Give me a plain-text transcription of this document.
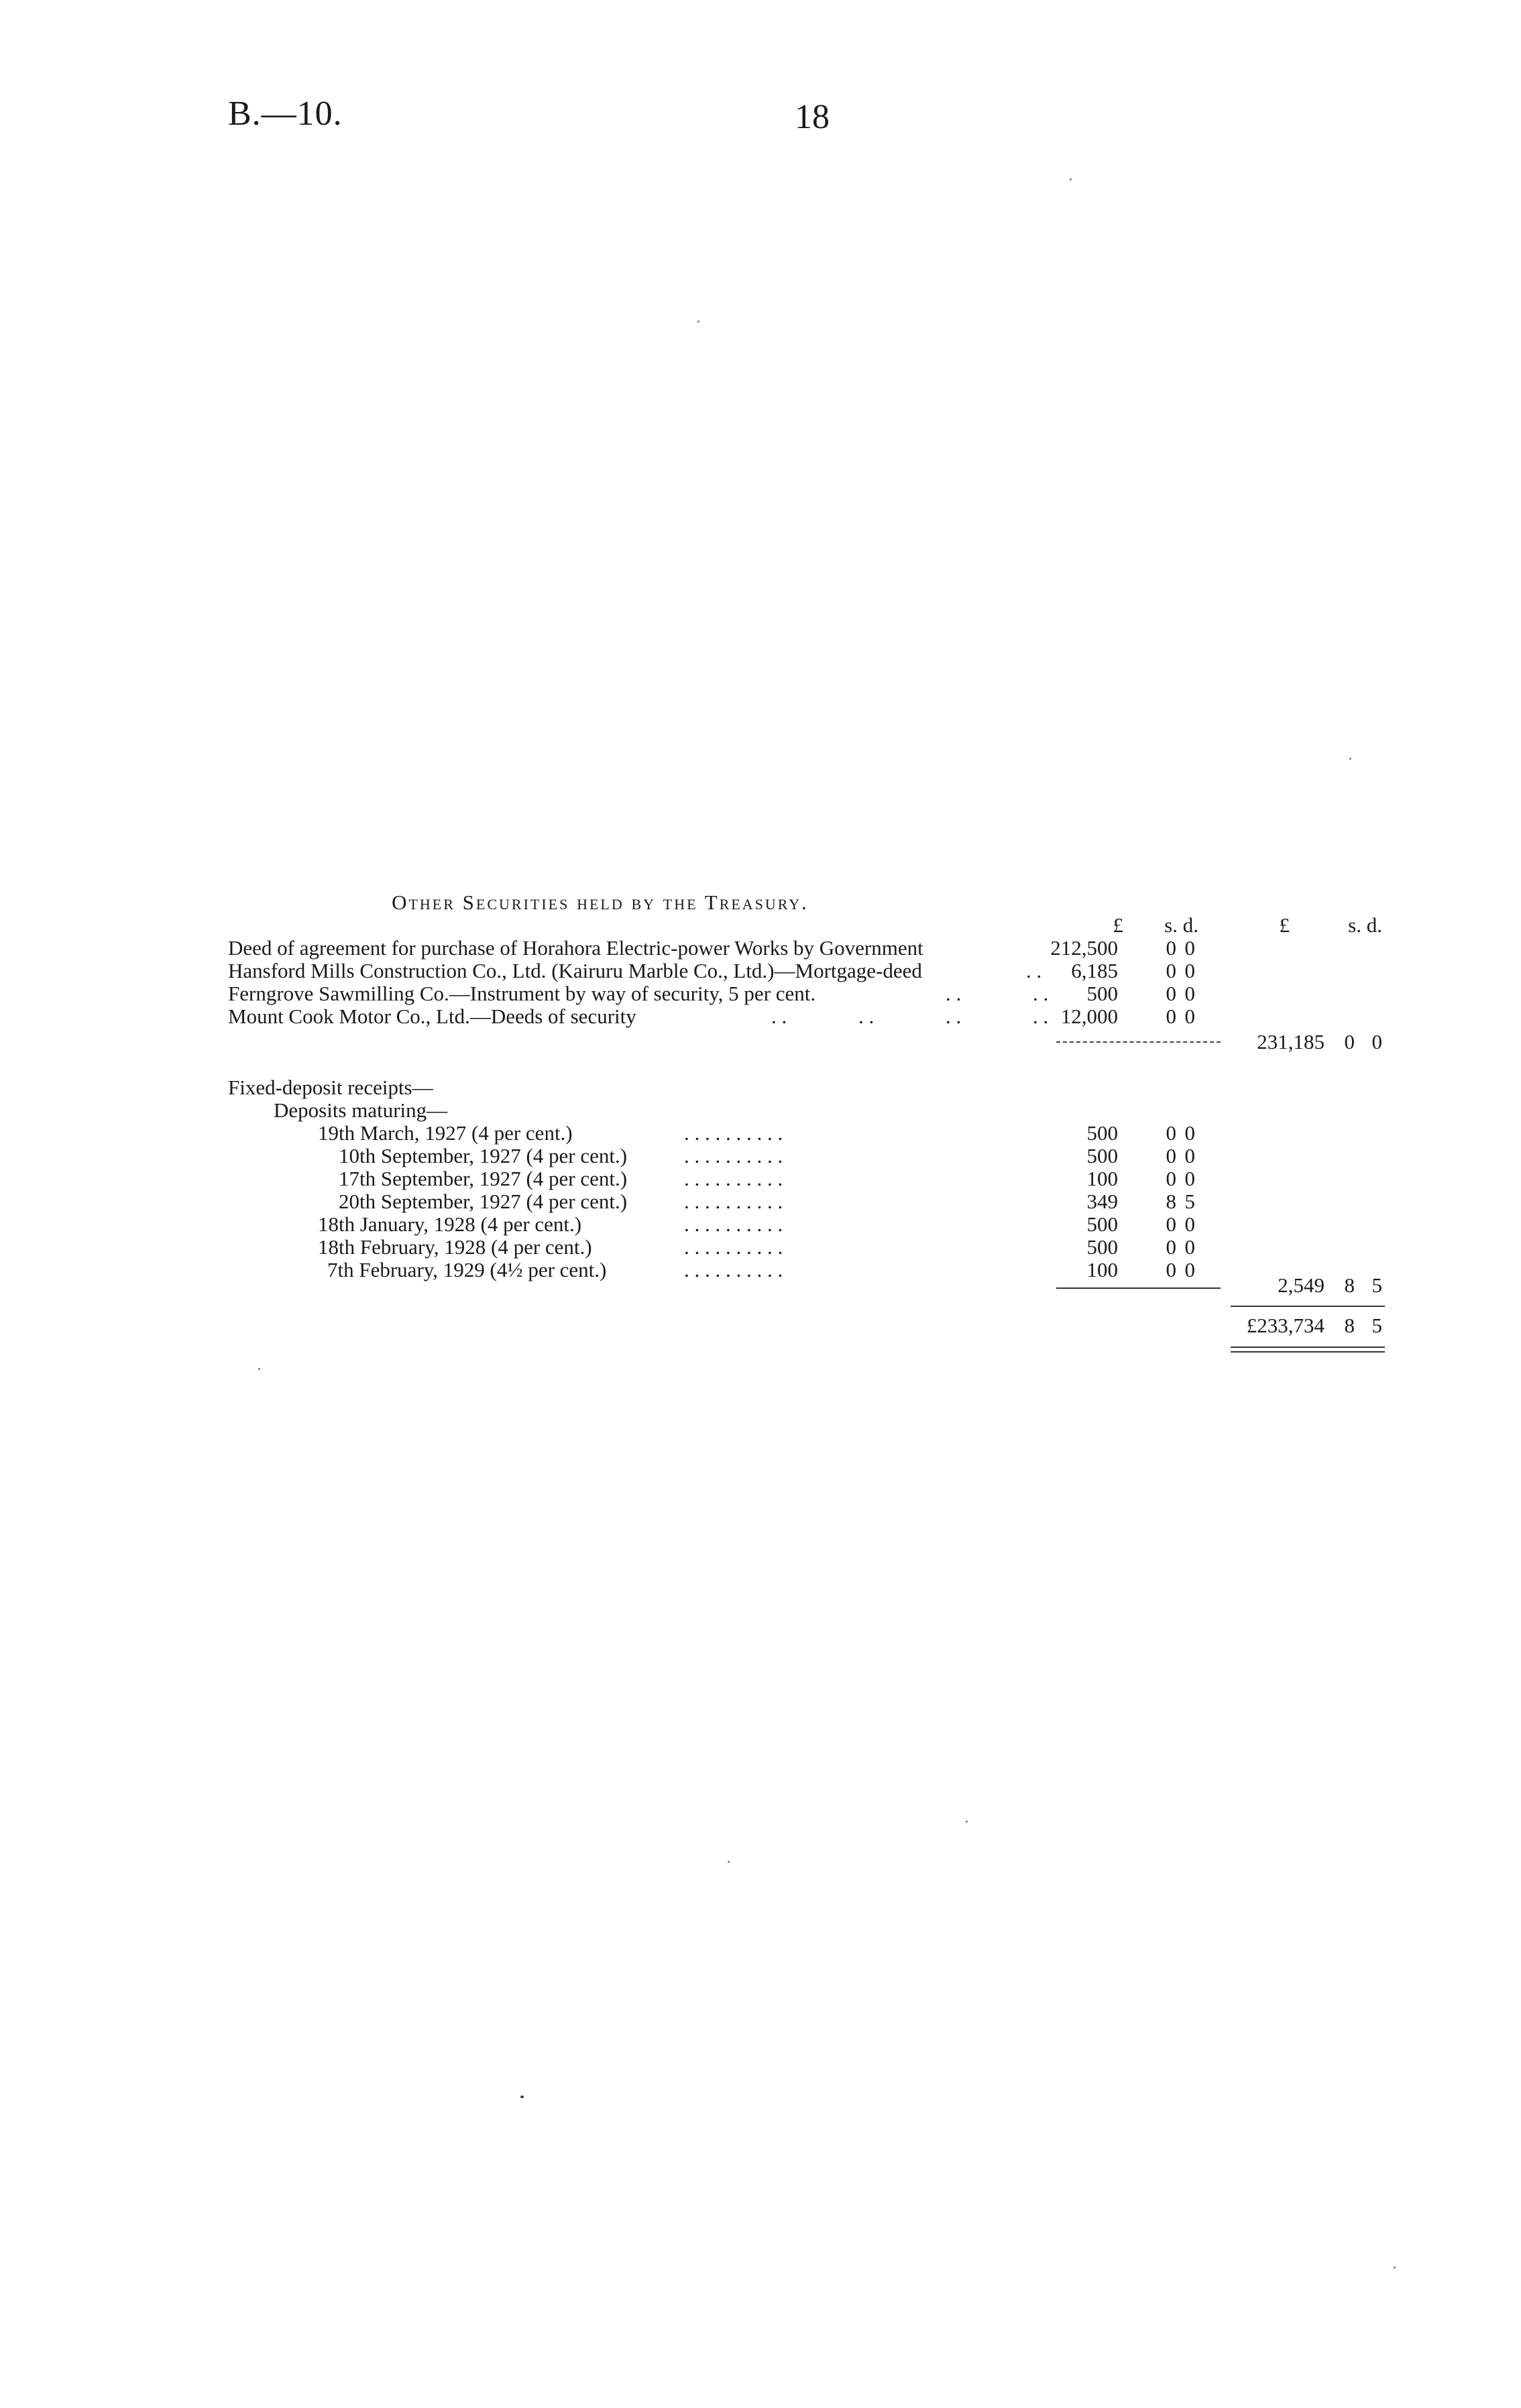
B.—10.	18
Other Securities held by the Treasury.
£ s. d.	£	s. d.
Deed of agreement for purchase of Horahora Electric-power Works by Government	212,500	0 0
Hansford Mills Construction Co., Ltd. (Kairuru Marble Co., Ltd.)—Mortgage-deed	. . 6,185	0 0
Ferngrove Sawmilling Co.—Instrument by way of security, 5 per cent.	. .	. . 500	0 0
Mount Cook Motor Co., Ltd.—Deeds of security	. .	. .	. .	. . 12,000	0 0
231,185 0 0
Fixed-deposit receipts—
Deposits maturing—
19th March, 1927 (4 per cent.)	. . . . . . . . . .	500	0 0
10th September, 1927 (4 per cent.)	. . . . . . . . . .	500	0 0
17th September, 1927 (4 per cent.)	. . . . . . . . . .	100	0 0
20th September, 1927 (4 per cent.)	. . . . . . . . . .	349	8 5
18th January, 1928 (4 per cent.)	. . . . . . . . . .	500	0 0
18th February, 1928 (4 per cent.)	. . . . . . . . . .	500	0 0
7th February, 1929 (4½ per cent.)	. . . . . . . . . .	100	0 0
2,549 8 5
£233,734 8 5
